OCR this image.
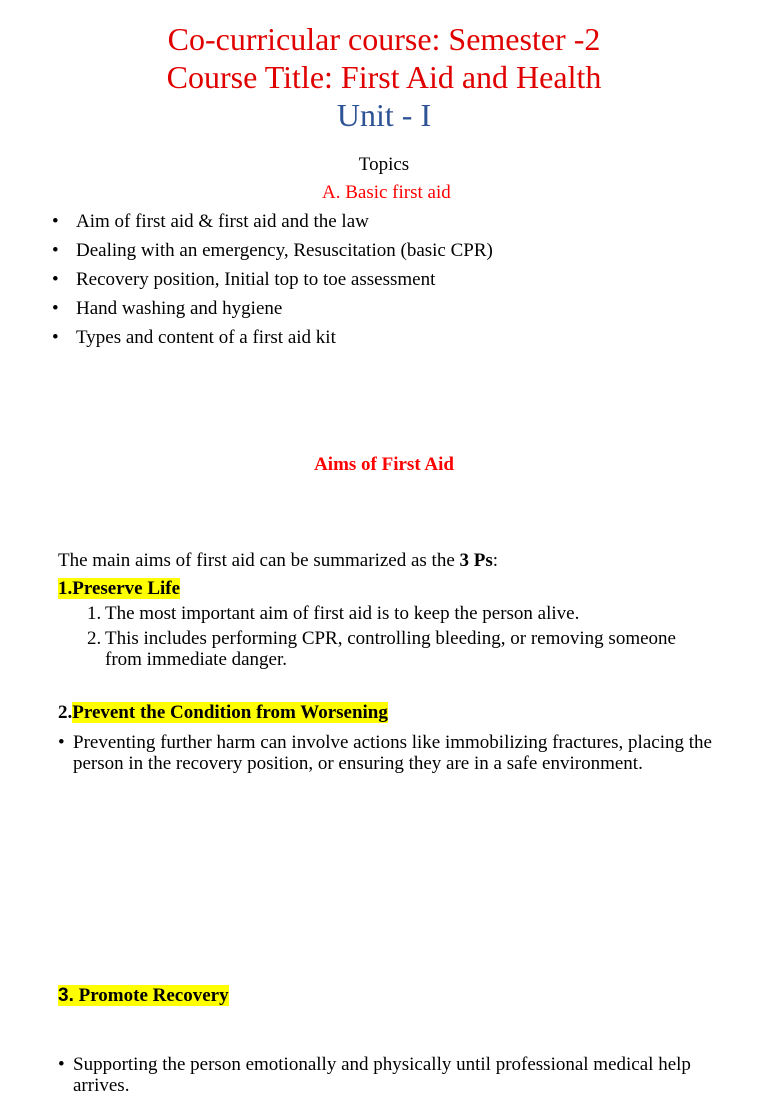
Co-curricular course: Semester -2
Course Title: First Aid and Health
Unit - I
Topics
A. Basic first aid
• Aim of first aid & first aid and the law
• Dealing with an emergency, Resuscitation (basic CPR)
• Recovery position, Initial top to toe assessment
• Hand washing and hygiene
• Types and content of a first aid kit
Aims of First Aid
The main aims of first aid can be summarized as the 3 Ps:
1.Preserve Life
1. The most important aim of first aid is to keep the person alive.
2. This includes performing CPR, controlling bleeding, or removing someone from immediate danger.
2.Prevent the Condition from Worsening
• Preventing further harm can involve actions like immobilizing fractures, placing the person in the recovery position, or ensuring they are in a safe environment.
3. Promote Recovery
• Supporting the person emotionally and physically until professional medical help arrives.
